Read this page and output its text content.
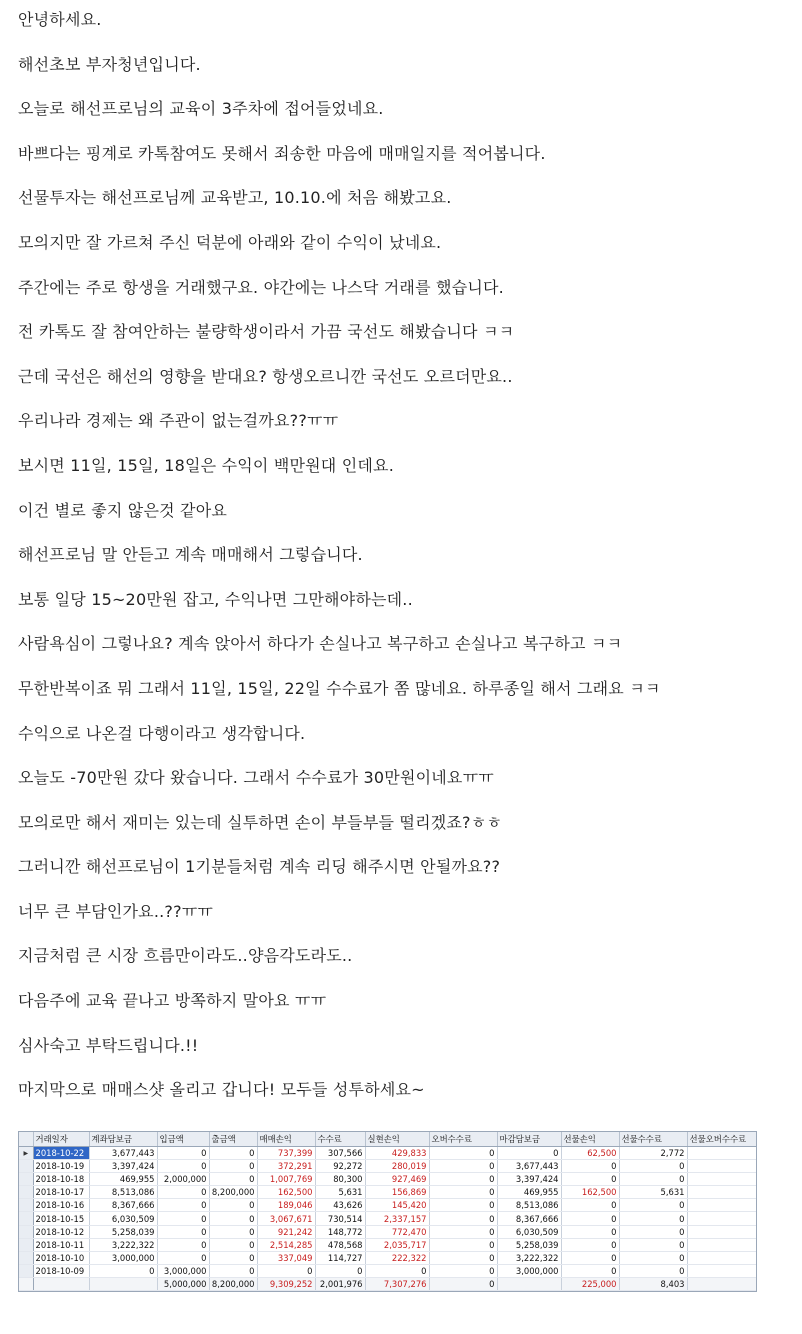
안녕하세요.

해선초보 부자청년입니다.

오늘로 해선프로님의 교육이 3주차에 접어들었네요.

바쁘다는 핑계로 카톡참여도 못해서 죄송한 마음에 매매일지를 적어봅니다.

선물투자는 해선프로님께 교육받고, 10.10.에 처음 해봤고요.

모의지만 잘 가르쳐 주신 덕분에 아래와 같이 수익이 났네요.

주간에는 주로 항생을 거래했구요. 야간에는 나스닥 거래를 했습니다.

전 카톡도 잘 참여안하는 불량학생이라서 가끔 국선도 해봤습니다 ㅋㅋ

근데 국선은 해선의 영향을 받대요? 항생오르니깐 국선도 오르더만요..

우리나라 경제는 왜 주관이 없는걸까요??ㅠㅠ

보시면 11일, 15일, 18일은 수익이 백만원대 인데요.

이건 별로 좋지 않은것 같아요

해선프로님 말 안듣고 계속 매매해서 그렇습니다.

보통 일당 15~20만원 잡고, 수익나면 그만해야하는데..

사람욕심이 그렇나요? 계속 앉아서 하다가 손실나고 복구하고 손실나고 복구하고 ㅋㅋ

무한반복이죠 뭐 그래서 11일, 15일, 22일 수수료가 쫌 많네요. 하루종일 해서 그래요 ㅋㅋ

수익으로 나온걸 다행이라고 생각합니다.

오늘도 -70만원 갔다 왔습니다. 그래서 수수료가 30만원이네요ㅠㅠ

모의로만 해서 재미는 있는데 실투하면 손이 부들부들 떨리겠죠?ㅎㅎ

그러니깐 해선프로님이 1기분들처럼 계속 리딩 해주시면 안될까요??

너무 큰 부담인가요..??ㅠㅠ

지금처럼 큰 시장 흐름만이라도..양음각도라도..

다음주에 교육 끝나고 방쪽하지 말아요 ㅠㅠ

심사숙고 부탁드립니다.!!

마지막으로 매매스샷 올리고 갑니다! 모두들 성투하세요~

	거래일자	계좌담보금	입금액	출금액	매매손익	수수료	실현손익	오버수수료	마감담보금	선물손익	선물수수료	선물오버수수료
▶	2018-10-22	3,677,443	0	0	737,399	307,566	429,833	0	0	62,500	2,772	
	2018-10-19	3,397,424	0	0	372,291	92,272	280,019	0	3,677,443	0	0	
	2018-10-18	469,955	2,000,000	0	1,007,769	80,300	927,469	0	3,397,424	0	0	
	2018-10-17	8,513,086	0	8,200,000	162,500	5,631	156,869	0	469,955	162,500	5,631	
	2018-10-16	8,367,666	0	0	189,046	43,626	145,420	0	8,513,086	0	0	
	2018-10-15	6,030,509	0	0	3,067,671	730,514	2,337,157	0	8,367,666	0	0	
	2018-10-12	5,258,039	0	0	921,242	148,772	772,470	0	6,030,509	0	0	
	2018-10-11	3,222,322	0	0	2,514,285	478,568	2,035,717	0	5,258,039	0	0	
	2018-10-10	3,000,000	0	0	337,049	114,727	222,322	0	3,222,322	0	0	
	2018-10-09	0	3,000,000	0	0	0	0	0	3,000,000	0	0	
			5,000,000	8,200,000	9,309,252	2,001,976	7,307,276	0		225,000	8,403	
